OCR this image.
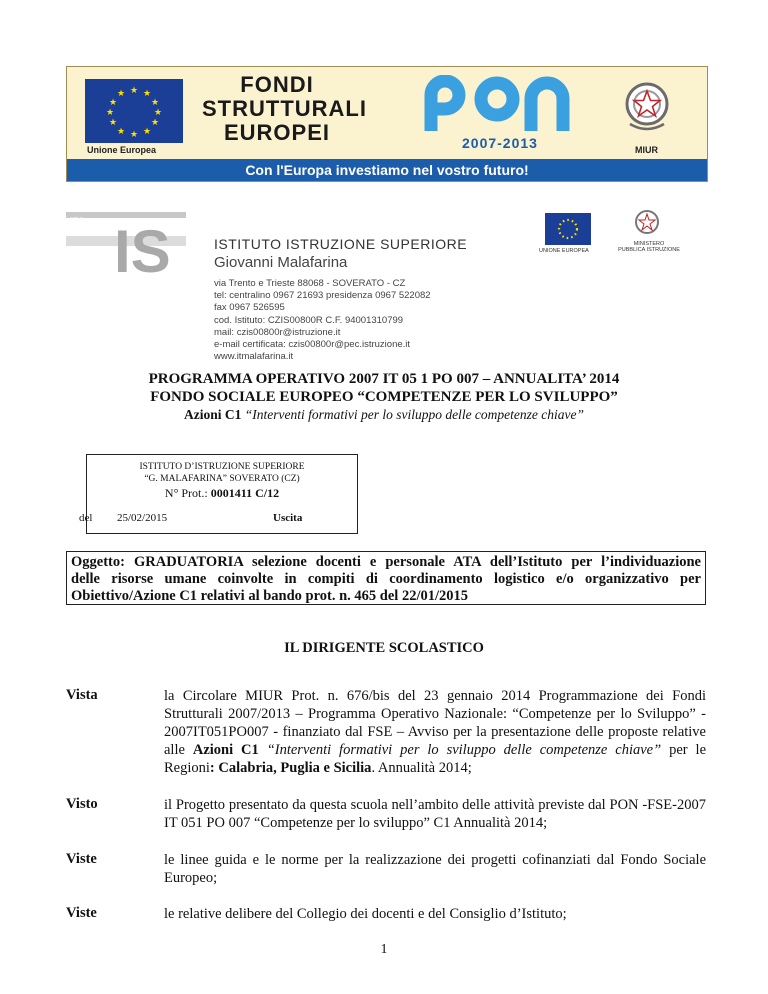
★ ★
★
★
★
★
★
★
★
★
★
★
Unione Europea
FONDI
STRUTTURALI
EUROPEI	2007-2013	MIUR
Con l'Europa investiamo nel vostro futuro!
IS
ITG
ISTITUTO ISTRUZIONE SUPERIORE
Giovanni Malafarina
via Trento e Trieste 88068 - SOVERATO - CZ
tel: centralino 0967 21693 presidenza 0967 522082
fax 0967 526595
cod. Istituto: CZIS00800R C.F. 94001310799
mail: czis00800r@istruzione.it
e-mail certificata: czis00800r@pec.istruzione.it
www.itmalafarina.it
UNIONE EUROPEA
MINISTERO
PUBBLICA ISTRUZIONE
PROGRAMMA OPERATIVO 2007 IT 05 1 PO 007 – ANNUALITA’ 2014
FONDO SOCIALE EUROPEO “COMPETENZE PER LO SVILUPPO”
Azioni C1 “Interventi formativi per lo sviluppo delle competenze chiave”
ISTITUTO D’ISTRUZIONE SUPERIORE
“G. MALAFARINA” SOVERATO (CZ)
N° Prot.: 0001411 C/12
del 25/02/2015	Uscita
Oggetto: GRADUATORIA selezione docenti e personale ATA dell’Istituto per l’individuazione
delle risorse umane coinvolte in compiti di coordinamento logistico e/o organizzativo per
Obiettivo/Azione C1 relativi al bando prot. n. 465 del 22/01/2015
IL DIRIGENTE SCOLASTICO
Vista	la Circolare MIUR Prot. n. 676/bis del 23 gennaio 2014 Programmazione dei Fondi Strutturali 2007/2013 – Programma Operativo Nazionale: “Competenze per lo Sviluppo” - 2007IT051PO007 - finanziato dal FSE – Avviso per la presentazione delle proposte relative alle Azioni C1 “Interventi formativi per lo sviluppo delle competenze chiave” per le Regioni: Calabria, Puglia e Sicilia. Annualità 2014;
Visto	il Progetto presentato da questa scuola nell’ambito delle attività previste dal PON -FSE-2007 IT 051 PO 007 “Competenze per lo sviluppo” C1 Annualità 2014;
Viste	le linee guida e le norme per la realizzazione dei progetti cofinanziati dal Fondo Sociale Europeo;
Viste	le relative delibere del Collegio dei docenti e del Consiglio d’Istituto;
1
